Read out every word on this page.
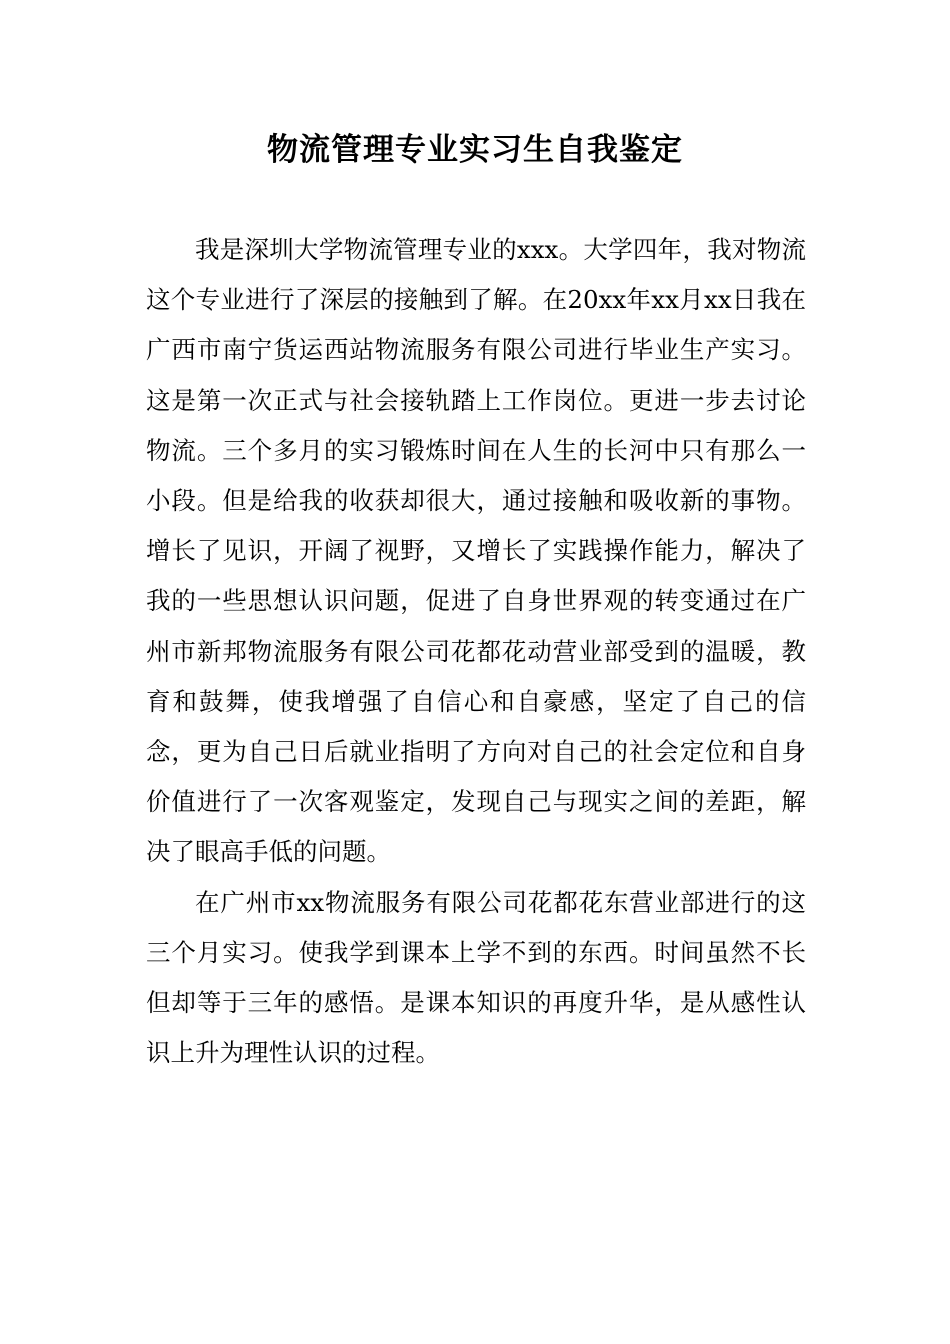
物流管理专业实习生自我鉴定

我是深圳大学物流管理专业的xxx。大学四年，我对物流这个专业进行了深层的接触到了解。在20xx年xx月xx日我在广西市南宁货运西站物流服务有限公司进行毕业生产实习。这是第一次正式与社会接轨踏上工作岗位。更进一步去讨论物流。三个多月的实习锻炼时间在人生的长河中只有那么一小段。但是给我的收获却很大，通过接触和吸收新的事物。增长了见识，开阔了视野，又增长了实践操作能力，解决了我的一些思想认识问题，促进了自身世界观的转变通过在广州市新邦物流服务有限公司花都花动营业部受到的温暖，教育和鼓舞，使我增强了自信心和自豪感，坚定了自己的信念，更为自己日后就业指明了方向对自己的社会定位和自身价值进行了一次客观鉴定，发现自己与现实之间的差距，解决了眼高手低的问题。

在广州市xx物流服务有限公司花都花东营业部进行的这三个月实习。使我学到课本上学不到的东西。时间虽然不长但却等于三年的感悟。是课本知识的再度升华，是从感性认识上升为理性认识的过程。
